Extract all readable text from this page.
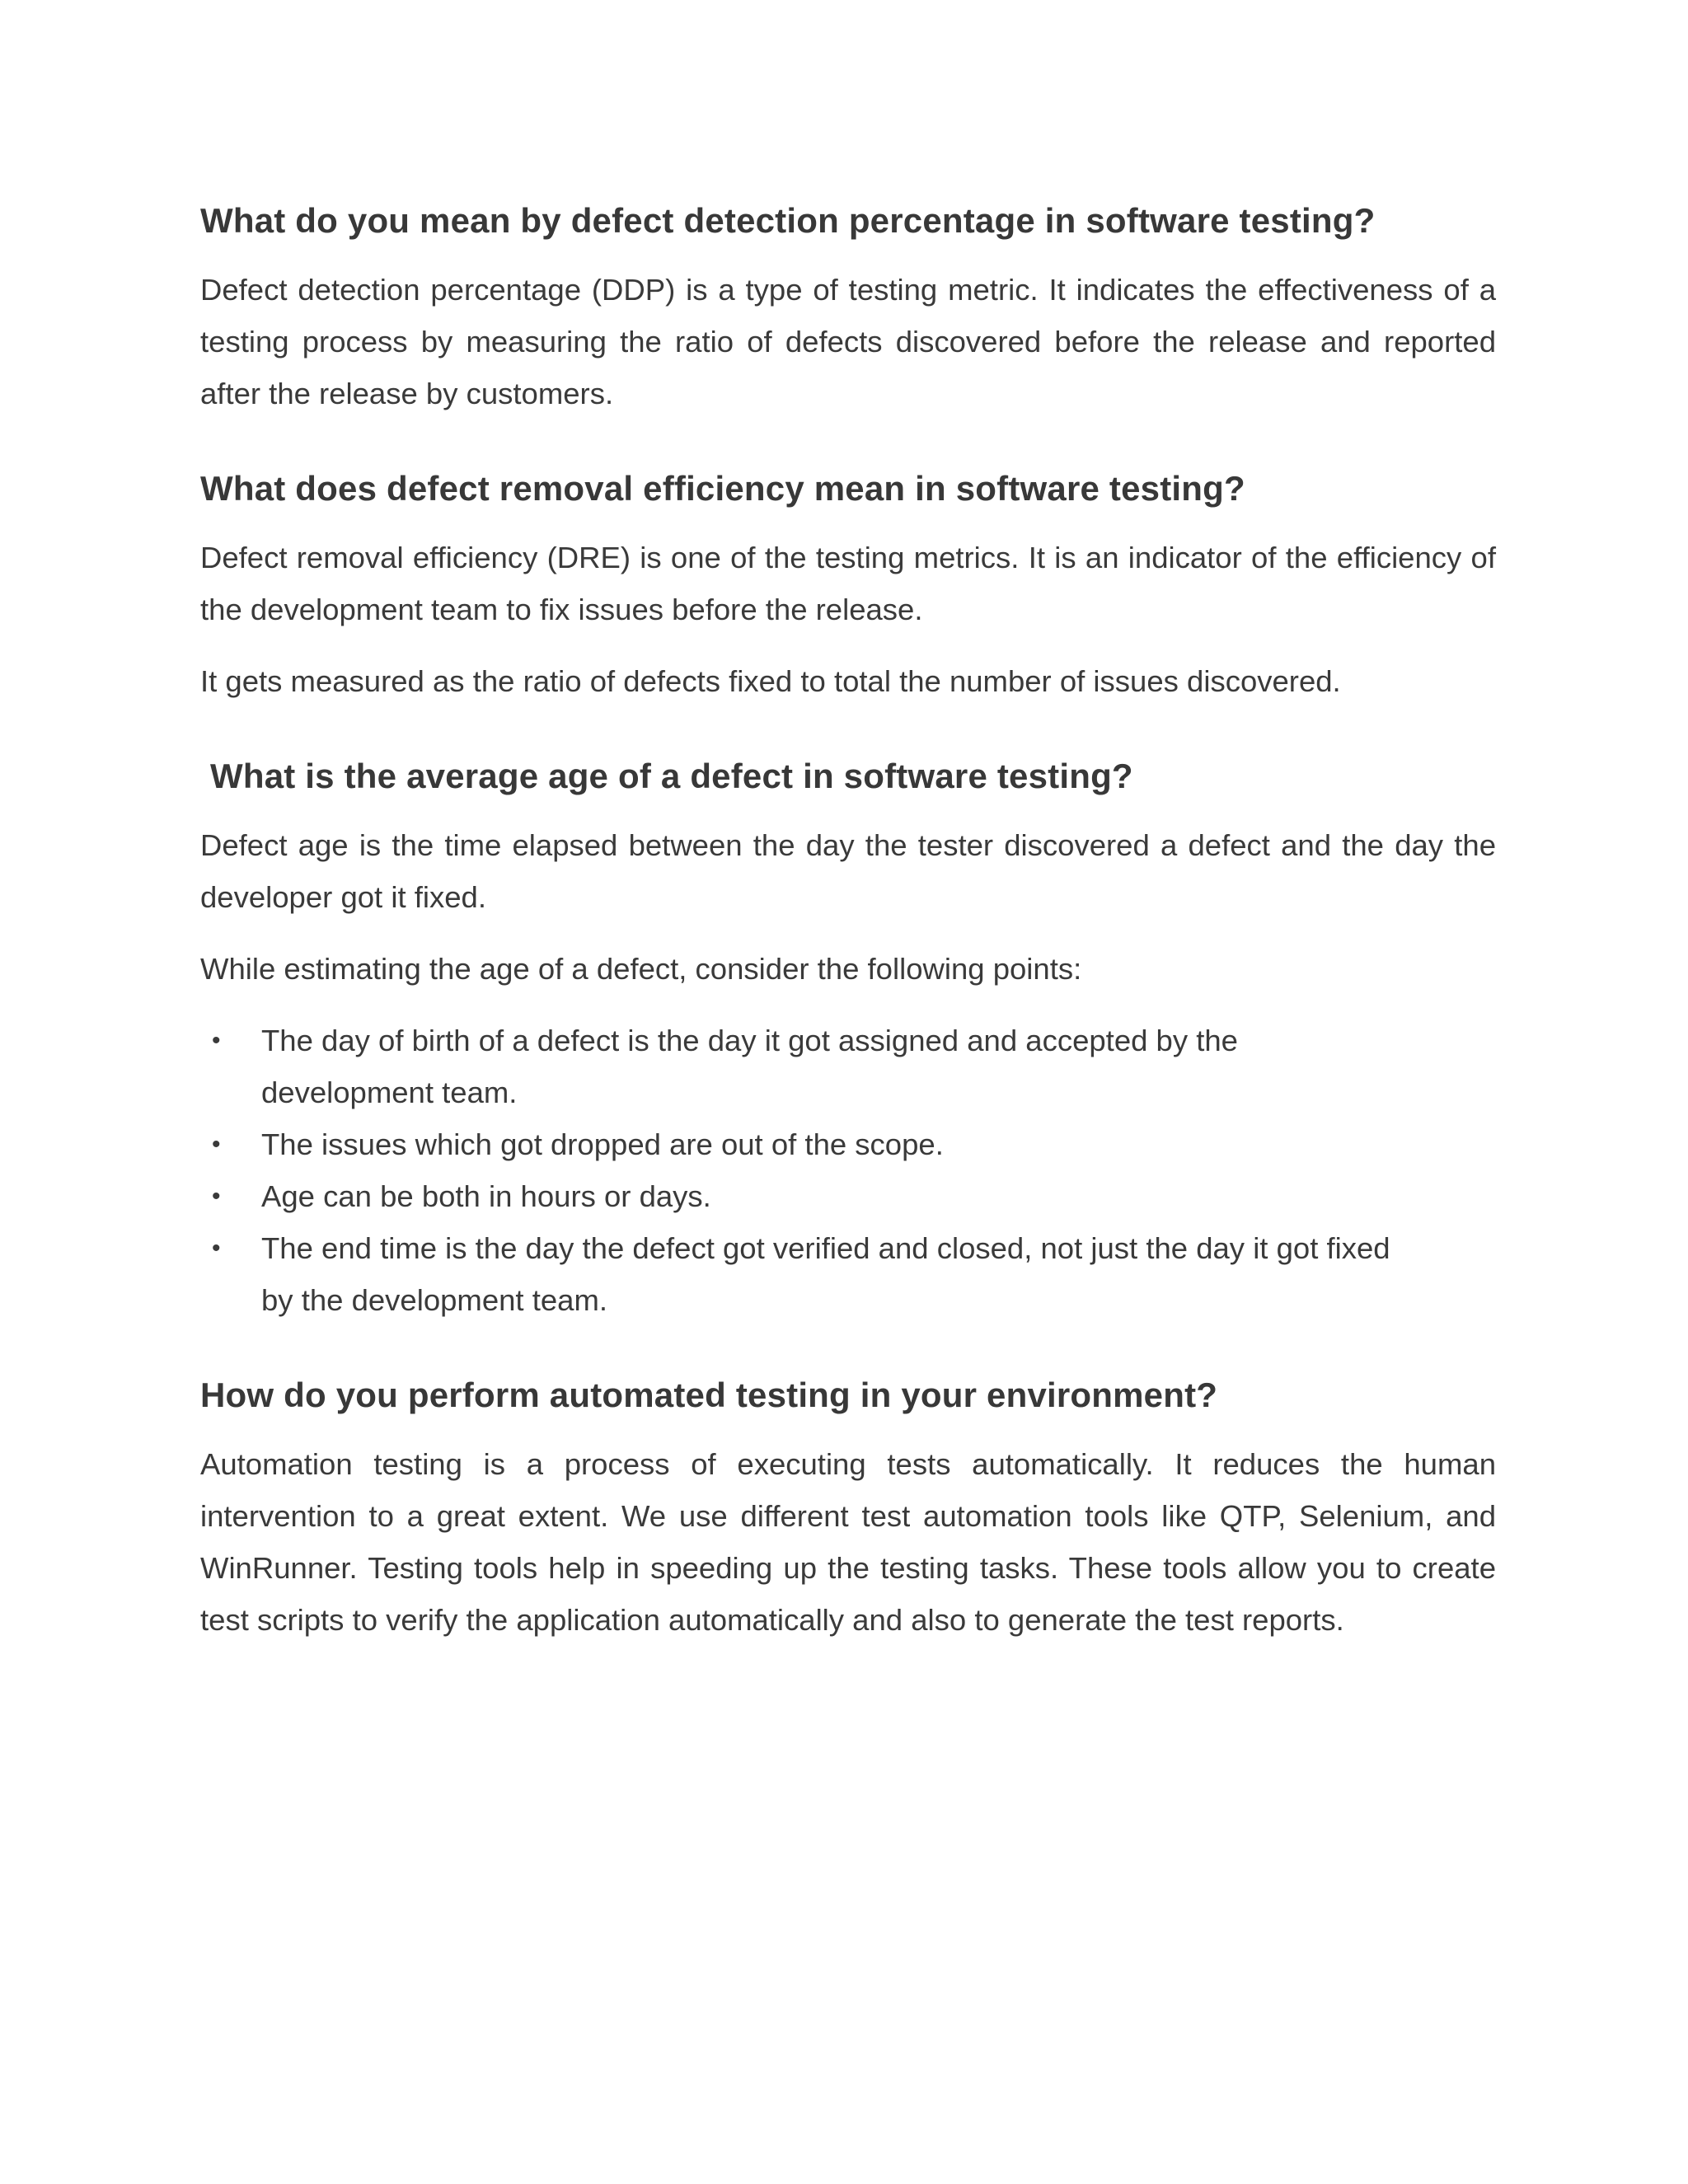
What do you mean by defect detection percentage in software testing?

Defect detection percentage (DDP) is a type of testing metric. It indicates the effectiveness of a testing process by measuring the ratio of defects discovered before the release and reported after the release by customers.

What does defect removal efficiency mean in software testing?

Defect removal efficiency (DRE) is one of the testing metrics. It is an indicator of the efficiency of the development team to fix issues before the release.

It gets measured as the ratio of defects fixed to total the number of issues discovered.

What is the average age of a defect in software testing?

Defect age is the time elapsed between the day the tester discovered a defect and the day the developer got it fixed.

While estimating the age of a defect, consider the following points:

• The day of birth of a defect is the day it got assigned and accepted by the development team.
• The issues which got dropped are out of the scope.
• Age can be both in hours or days.
• The end time is the day the defect got verified and closed, not just the day it got fixed by the development team.
How do you perform automated testing in your environment?

Automation testing is a process of executing tests automatically. It reduces the human intervention to a great extent. We use different test automation tools like QTP, Selenium, and WinRunner. Testing tools help in speeding up the testing tasks. These tools allow you to create test scripts to verify the application automatically and also to generate the test reports.
